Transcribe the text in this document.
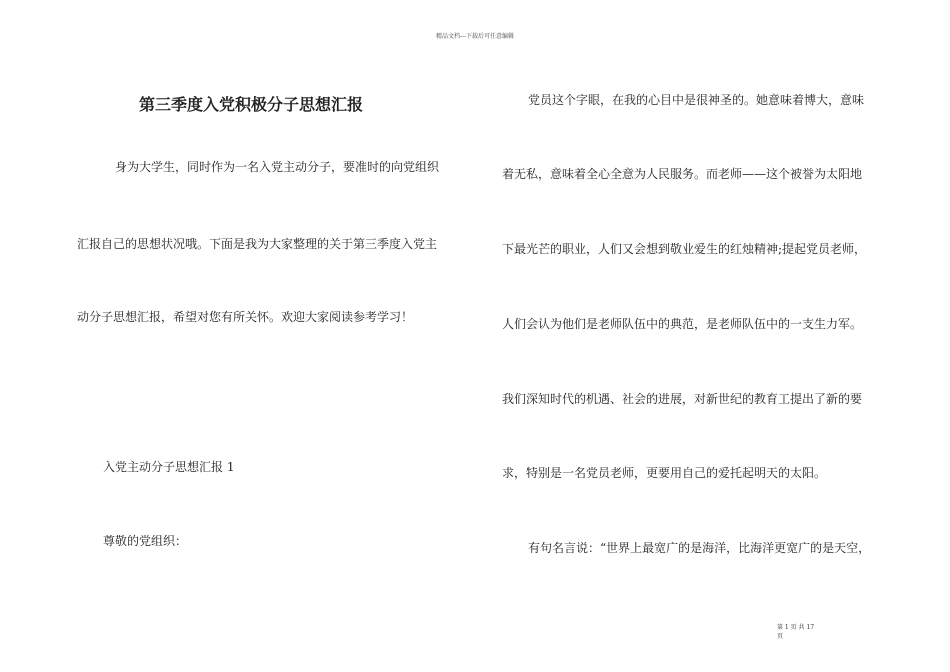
精品文档---下载后可任意编辑
第三季度入党积极分子思想汇报
身为大学生，同时作为一名入党主动分子，要准时的向党组织
汇报自己的思想状况哦。下面是我为大家整理的关于第三季度入党主
动分子思想汇报，希望对您有所关怀。欢迎大家阅读参考学习！
入党主动分子思想汇报 1
尊敬的党组织：
党员这个字眼，在我的心目中是很神圣的。她意味着博大，意味
着无私，意味着全心全意为人民服务。而老师——这个被誉为太阳地
下最光芒的职业，人们又会想到敬业爱生的红烛精神;提起党员老师，
人们会认为他们是老师队伍中的典范，是老师队伍中的一支生力军。
我们深知时代的机遇、社会的进展，对新世纪的教育工提出了新的要
求，特别是一名党员老师，更要用自己的爱托起明天的太阳。
有句名言说：“世界上最宽广的是海洋，比海洋更宽广的是天空，
第 1 页 共 17
页
